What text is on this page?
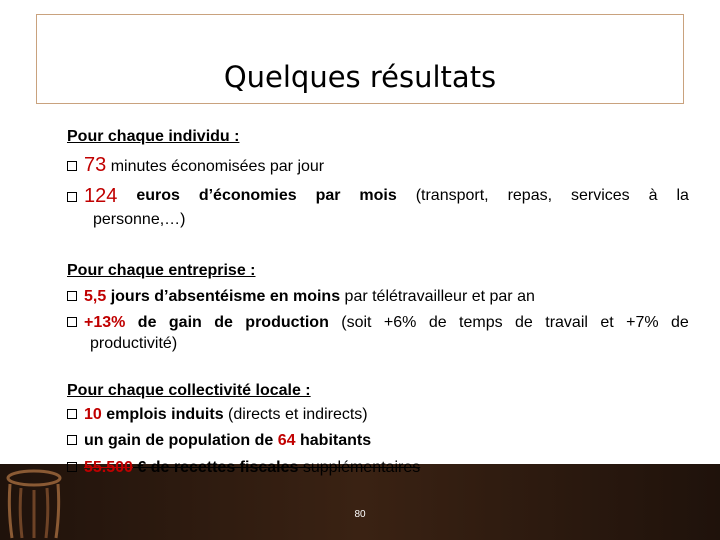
Quelques résultats
Pour chaque individu :
73 minutes économisées par jour
124 euros d’économies par mois (transport, repas, services à la
personne,…)
Pour chaque entreprise :
5,5 jours d’absentéisme en moins par télétravailleur et par an
+13% de gain de production (soit +6% de temps de travail et +7% de
productivité)
Pour chaque collectivité locale :
10 emplois induits (directs et indirects)
un gain de population de 64 habitants
55.500 € de recettes fiscales supplémentaires
80
